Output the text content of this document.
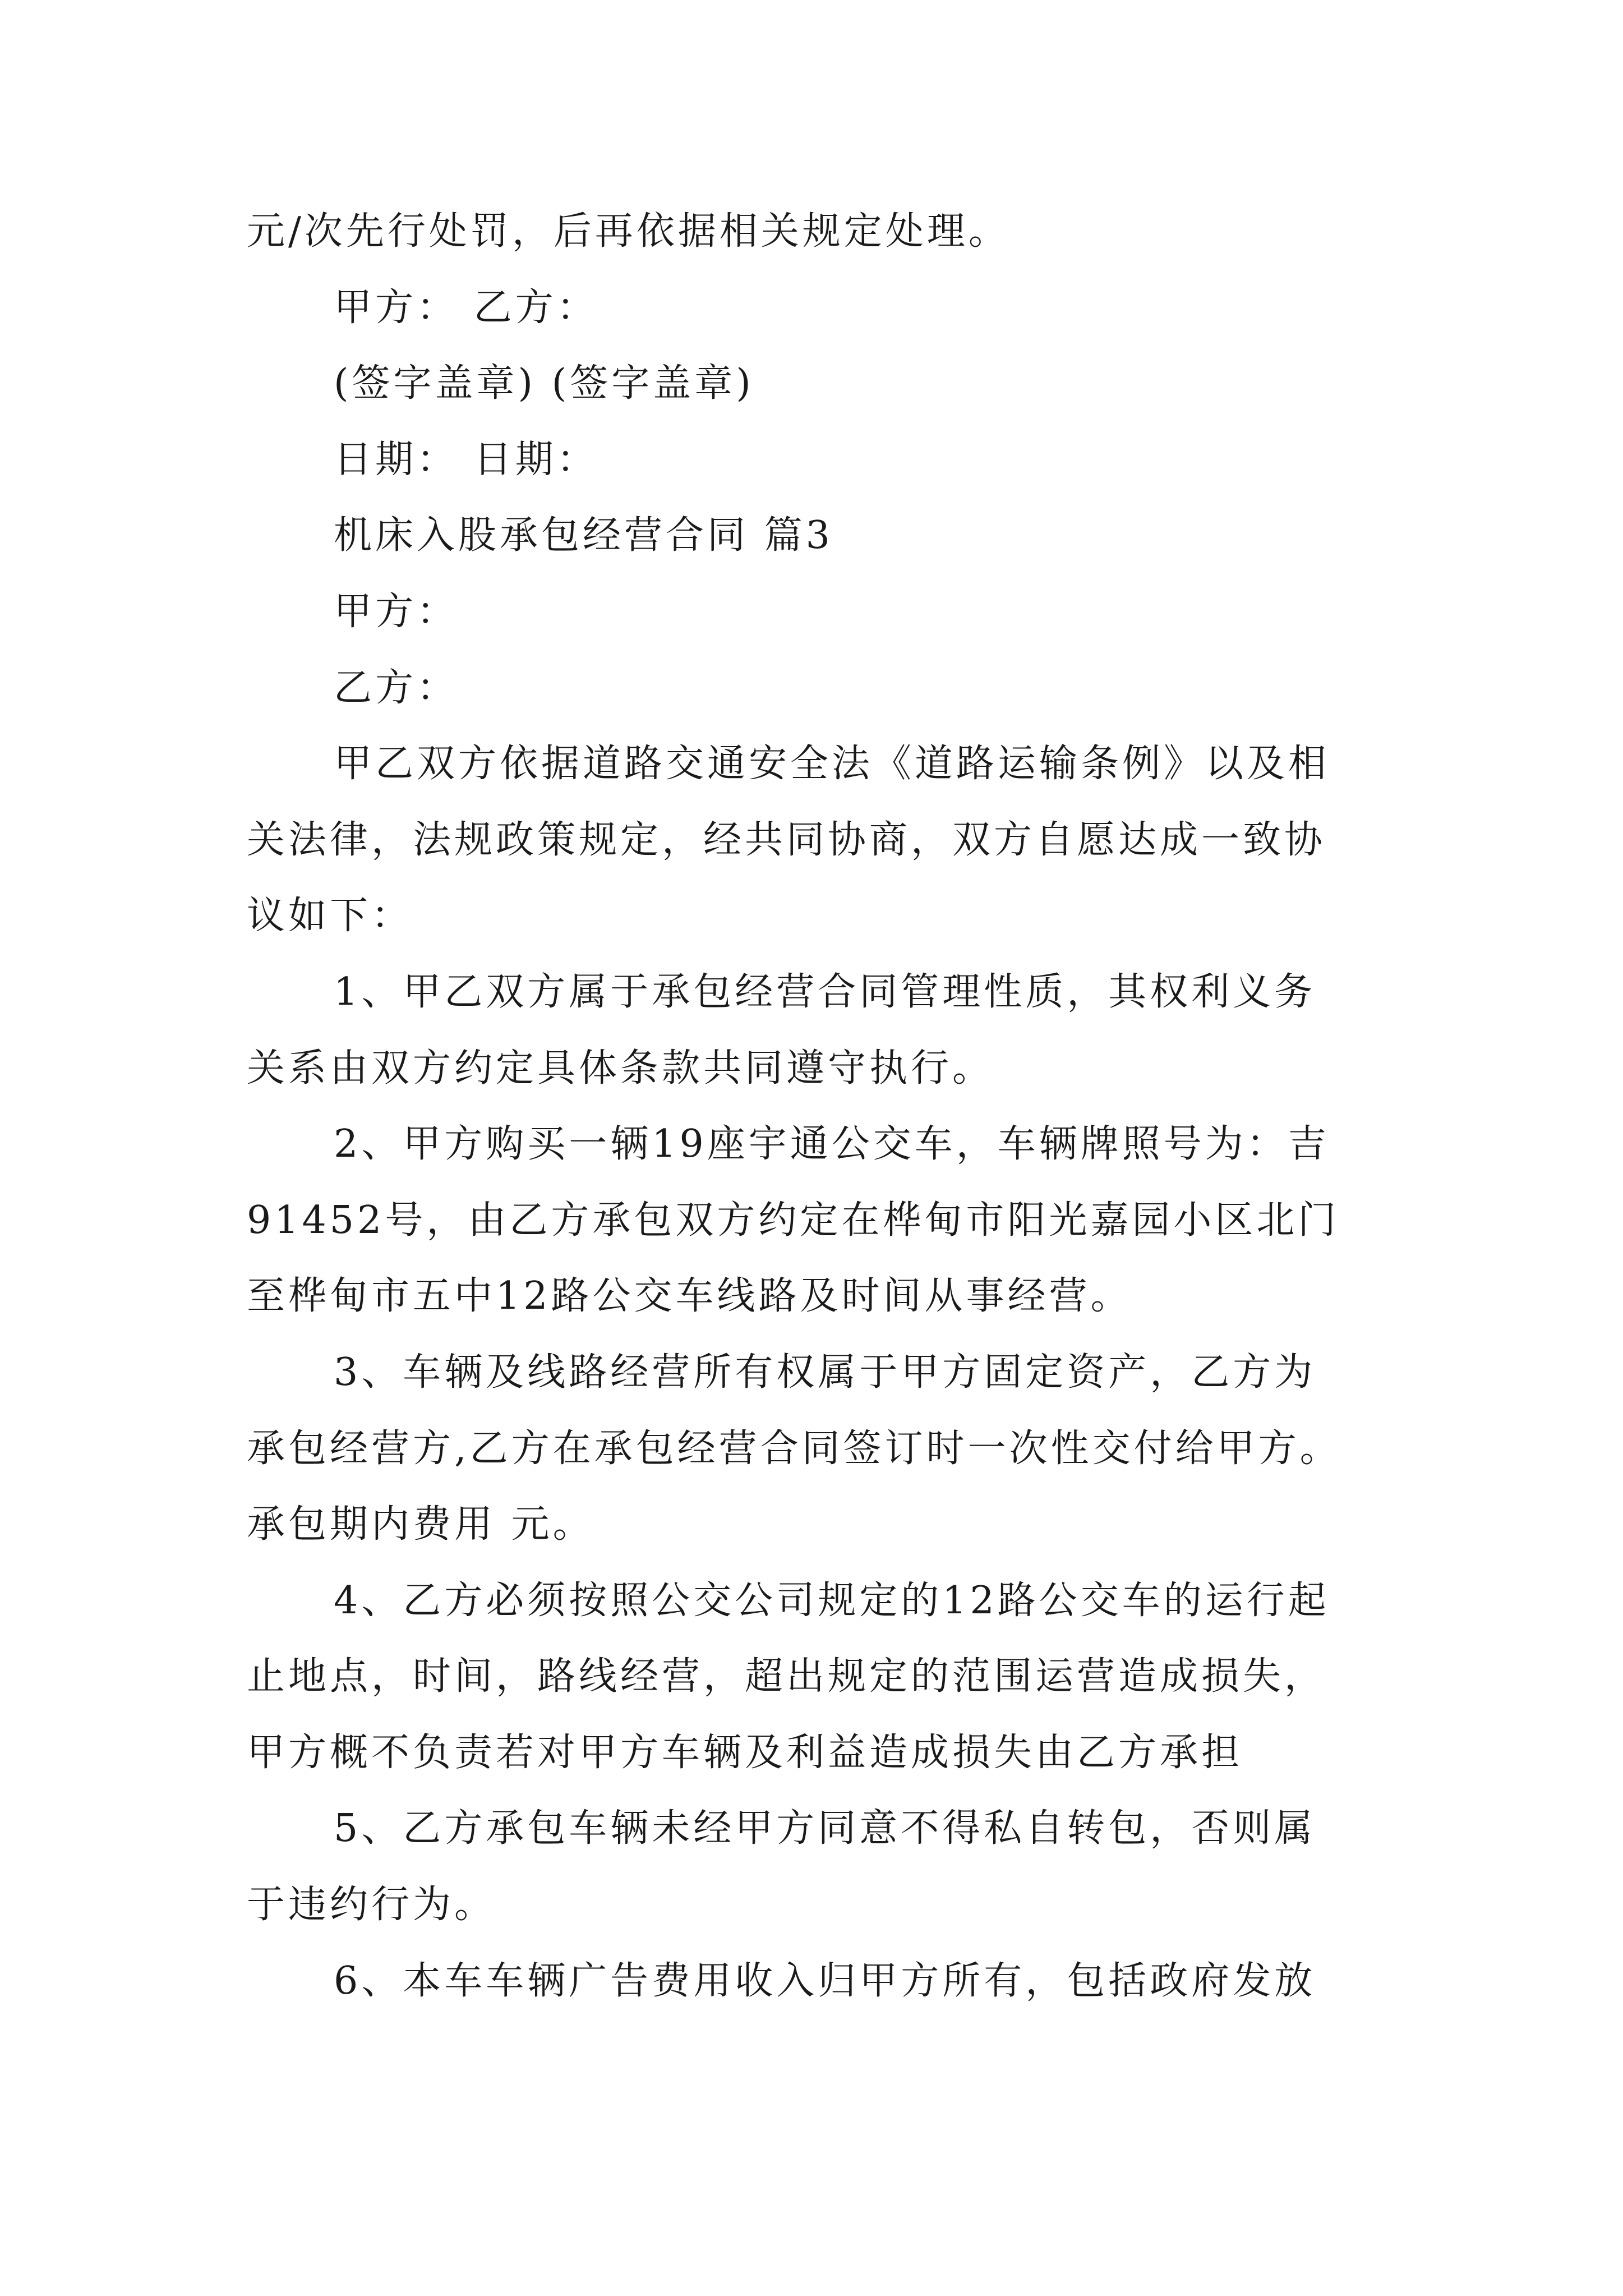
元/次先行处罚，后再依据相关规定处理。
甲方： 乙方：
(签字盖章) (签字盖章)
日期： 日期：
机床入股承包经营合同 篇3
甲方：
乙方：
甲乙双方依据道路交通安全法《道路运输条例》以及相
关法律，法规政策规定，经共同协商，双方自愿达成一致协
议如下：
1、甲乙双方属于承包经营合同管理性质，其权利义务
关系由双方约定具体条款共同遵守执行。
2、甲方购买一辆19座宇通公交车，车辆牌照号为：吉
91452号，由乙方承包双方约定在桦甸市阳光嘉园小区北门
至桦甸市五中12路公交车线路及时间从事经营。
3、车辆及线路经营所有权属于甲方固定资产，乙方为
承包经营方,乙方在承包经营合同签订时一次性交付给甲方。
承包期内费用 元。
4、乙方必须按照公交公司规定的12路公交车的运行起
止地点，时间，路线经营，超出规定的范围运营造成损失，
甲方概不负责若对甲方车辆及利益造成损失由乙方承担
5、乙方承包车辆未经甲方同意不得私自转包，否则属
于违约行为。
6、本车车辆广告费用收入归甲方所有，包括政府发放
